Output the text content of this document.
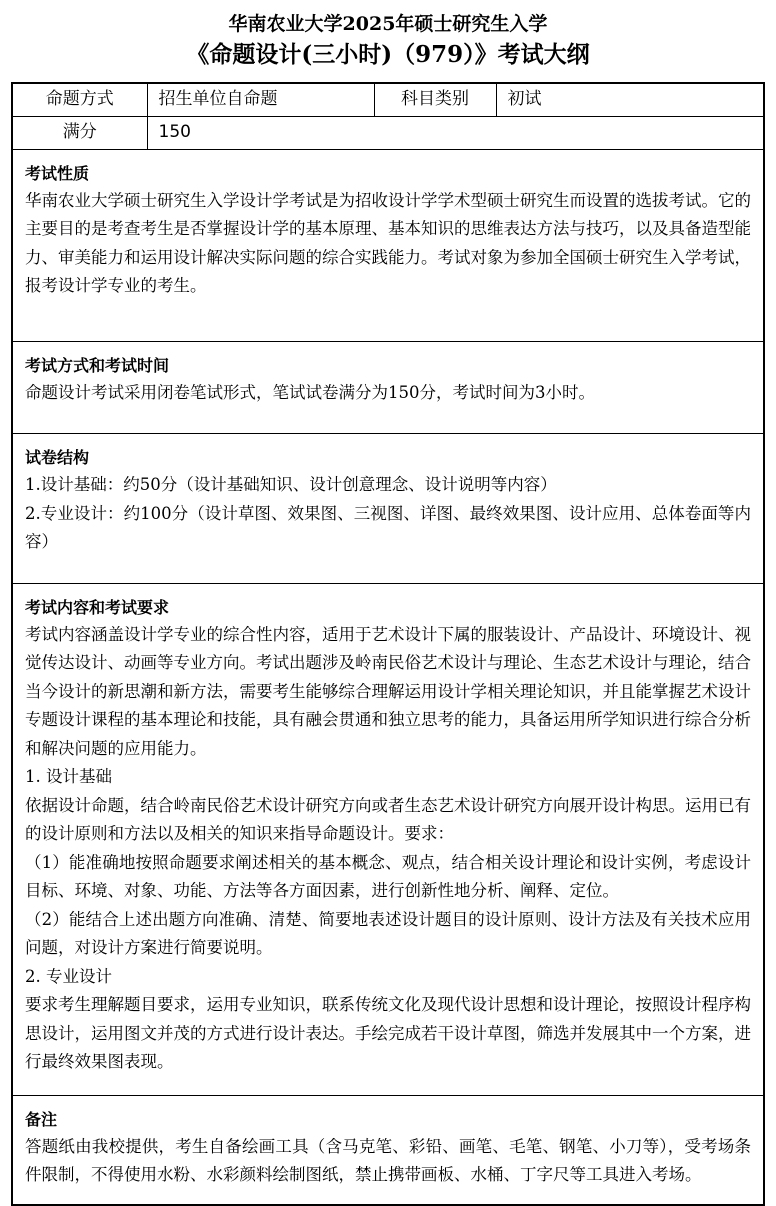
华南农业大学2025年硕士研究生入学
《命题设计(三小时)（979）》考试大纲
命题方式	招生单位自命题	科目类别	初试
满分	150		

考试性质

华南农业大学硕士研究生入学设计学考试是为招收设计学学术型硕士研究生而设置的选拔考试。它的主要目的是考查考生是否掌握设计学的基本原理、基本知识的思维表达方法与技巧，以及具备造型能力、审美能力和运用设计解决实际问题的综合实践能力。考试对象为参加全国硕士研究生入学考试，报考设计学专业的考生。			

考试方式和考试时间

命题设计考试采用闭卷笔试形式，笔试试卷满分为150分，考试时间为3小时。			

试卷结构

1.设计基础：约50分（设计基础知识、设计创意理念、设计说明等内容）

2.专业设计：约100分（设计草图、效果图、三视图、详图、最终效果图、设计应用、总体卷面等内容）			

考试内容和考试要求

考试内容涵盖设计学专业的综合性内容，适用于艺术设计下属的服装设计、产品设计、环境设计、视觉传达设计、动画等专业方向。考试出题涉及岭南民俗艺术设计与理论、生态艺术设计与理论，结合当今设计的新思潮和新方法，需要考生能够综合理解运用设计学相关理论知识，并且能掌握艺术设计专题设计课程的基本理论和技能，具有融会贯通和独立思考的能力，具备运用所学知识进行综合分析和解决问题的应用能力。

1. 设计基础

依据设计命题，结合岭南民俗艺术设计研究方向或者生态艺术设计研究方向展开设计构思。运用已有的设计原则和方法以及相关的知识来指导命题设计。要求：

（1）能准确地按照命题要求阐述相关的基本概念、观点，结合相关设计理论和设计实例，考虑设计目标、环境、对象、功能、方法等各方面因素，进行创新性地分析、阐释、定位。

（2）能结合上述出题方向准确、清楚、简要地表述设计题目的设计原则、设计方法及有关技术应用问题，对设计方案进行简要说明。

2. 专业设计

要求考生理解题目要求，运用专业知识，联系传统文化及现代设计思想和设计理论，按照设计程序构思设计，运用图文并茂的方式进行设计表达。手绘完成若干设计草图，筛选并发展其中一个方案，进行最终效果图表现。

备注

答题纸由我校提供，考生自备绘画工具（含马克笔、彩铅、画笔、毛笔、钢笔、小刀等），受考场条件限制，不得使用水粉、水彩颜料绘制图纸，禁止携带画板、水桶、丁字尺等工具进入考场。			
